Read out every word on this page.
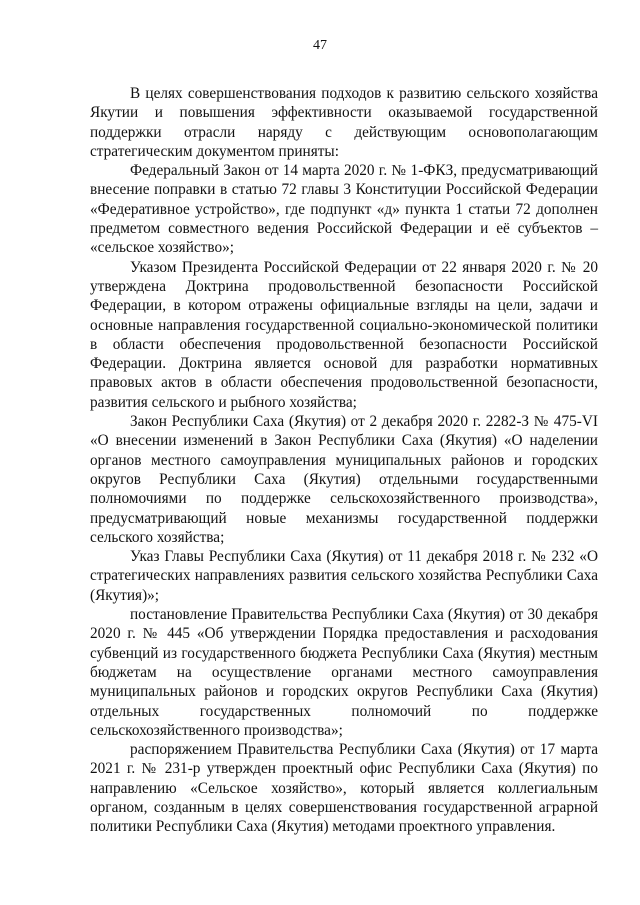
47

В целях совершенствования подходов к развитию сельского хозяйства Якутии и повышения эффективности оказываемой государственной поддержки отрасли наряду с действующим основополагающим стратегическим документом приняты:

Федеральный Закон от 14 марта 2020 г. № 1-ФКЗ, предусматривающий внесение поправки в статью 72 главы 3 Конституции Российской Федерации «Федеративное устройство», где подпункт «д» пункта 1 статьи 72 дополнен предметом совместного ведения Российской Федерации и её субъектов – «сельское хозяйство»;

Указом Президента Российской Федерации от 22 января 2020 г. № 20 утверждена Доктрина продовольственной безопасности Российской Федерации, в котором отражены официальные взгляды на цели, задачи и основные направления государственной социально-экономической политики в области обеспечения продовольственной безопасности Российской Федерации. Доктрина является основой для разработки нормативных правовых актов в области обеспечения продовольственной безопасности, развития сельского и рыбного хозяйства;

Закон Республики Саха (Якутия) от 2 декабря 2020 г. 2282-З № 475-VI «О внесении изменений в Закон Республики Саха (Якутия) «О наделении органов местного самоуправления муниципальных районов и городских округов Республики Саха (Якутия) отдельными государственными полномочиями по поддержке сельскохозяйственного производства», предусматривающий новые механизмы государственной поддержки сельского хозяйства;

Указ Главы Республики Саха (Якутия) от 11 декабря 2018 г. № 232 «О стратегических направлениях развития сельского хозяйства Республики Саха (Якутия)»;

постановление Правительства Республики Саха (Якутия) от 30 декабря 2020 г. № 445 «Об утверждении Порядка предоставления и расходования субвенций из государственного бюджета Республики Саха (Якутия) местным бюджетам на осуществление органами местного самоуправления муниципальных районов и городских округов Республики Саха (Якутия) отдельных государственных полномочий по поддержке сельскохозяйственного производства»;

распоряжением Правительства Республики Саха (Якутия) от 17 марта 2021 г. № 231-р утвержден проектный офис Республики Саха (Якутия) по направлению «Сельское хозяйство», который является коллегиальным органом, созданным в целях совершенствования государственной аграрной политики Республики Саха (Якутия) методами проектного управления.
